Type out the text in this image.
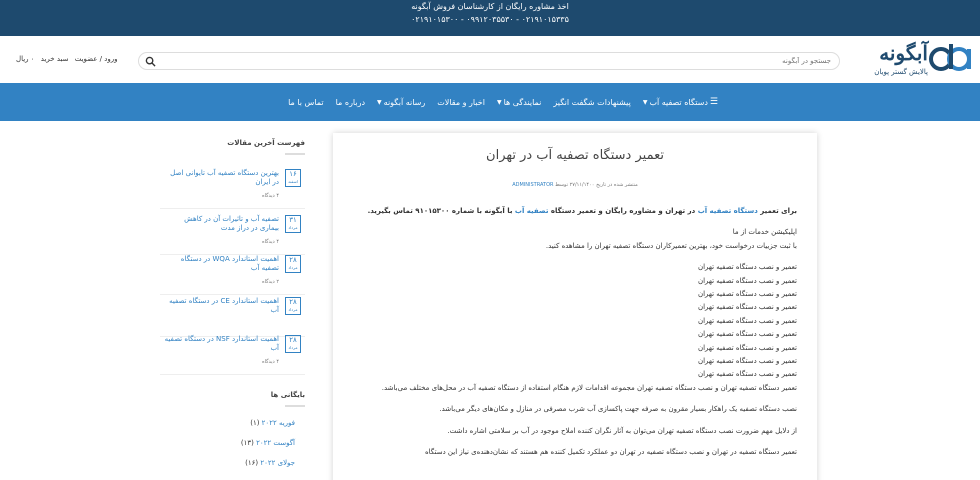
اخذ مشاوره رایگان از کارشناسان فروش آبگونه
۰۲۱۹۱۰۱۵۳۰۰ - ۰۹۹۱۲۰۳۵۵۳۰ - ۰۲۱۹۱۰۱۵۳۳۵
آبگونه
پالایش گستر پویان
جستجو در آبگونه
ورود / عضویت سبد خرید ۰ ریال
▼ دستگاه تصفیه آب ☰
پیشنهادات شگفت انگیز
▼ نمایندگی ها
اخبار و مقالات
▼ رسانه آبگونه
درباره ما
تماس با ما
تعمیر دستگاه تصفیه آب در تهران
منتشر شده در تاریخ ۲۷/۱۱/۱۴۰۰ توسط ADMINISTRATOR

برای تعمیر دستگاه تصفیه آب در تهران و مشاوره رایگان و تعمیر دستگاه تصفیه آب با آبگونه با شماره ۹۱۰۱۵۳۰۰ تماس بگیرید.

اپلیکیشن خدمات از ما

با ثبت جزییات درخواست خود، بهترین تعمیرکاران دستگاه تصفیه تهران را مشاهده کنید.

تعمیر و نصب دستگاه تصفیه تهران

تعمیر و نصب دستگاه تصفیه تهران

تعمیر و نصب دستگاه تصفیه تهران

تعمیر و نصب دستگاه تصفیه تهران

تعمیر و نصب دستگاه تصفیه تهران

تعمیر و نصب دستگاه تصفیه تهران

تعمیر و نصب دستگاه تصفیه تهران

تعمیر و نصب دستگاه تصفیه تهران

تعمیر و نصب دستگاه تصفیه تهران

تعمیر دستگاه تصفیه تهران و نصب دستگاه تصفیه تهران مجموعه اقدامات لازم هنگام استفاده از دستگاه تصفیه آب در محل‌های مختلف می‌باشد.

نصب دستگاه تصفیه یک راهکار بسیار مقرون به صرفه جهت پاکسازی آب شرب مصرفی در منازل و مکان‌های دیگر می‌باشد.

از دلایل مهم ضرورت نصب دستگاه تصفیه تهران می‌توان به آثار نگران کننده املاح موجود در آب بر سلامتی اشاره داشت.

تعمیر دستگاه تصفیه در تهران و نصب دستگاه تصفیه در تهران دو عملکرد تکمیل کننده هم هستند که نشان‌دهنده‌ی نیاز این دستگاه

فهرست آخرین مقالات
۱۶
اسفند
بهترین دستگاه تصفیه آب تایوانی اصل در ایران
۴ دیدگاه
۳۱
مرداد
تصفیه آب و تاثیرات آن در کاهش بیماری در دراز مدت
۴ دیدگاه
۲۸
مرداد
اهمیت استاندارد WQA در دستگاه تصفیه آب
۲ دیدگاه
۲۸
مرداد
اهمیت استاندارد CE در دستگاه تصفیه آب
۲۸
مرداد
اهمیت استاندارد NSF در دستگاه تصفیه آب
۴ دیدگاه
بایگانی ها
فوریه ۲۰۲۲ (۱)
آگوست ۲۰۲۲ (۱۳)
جولای ۲۰۲۲ (۱۶)
